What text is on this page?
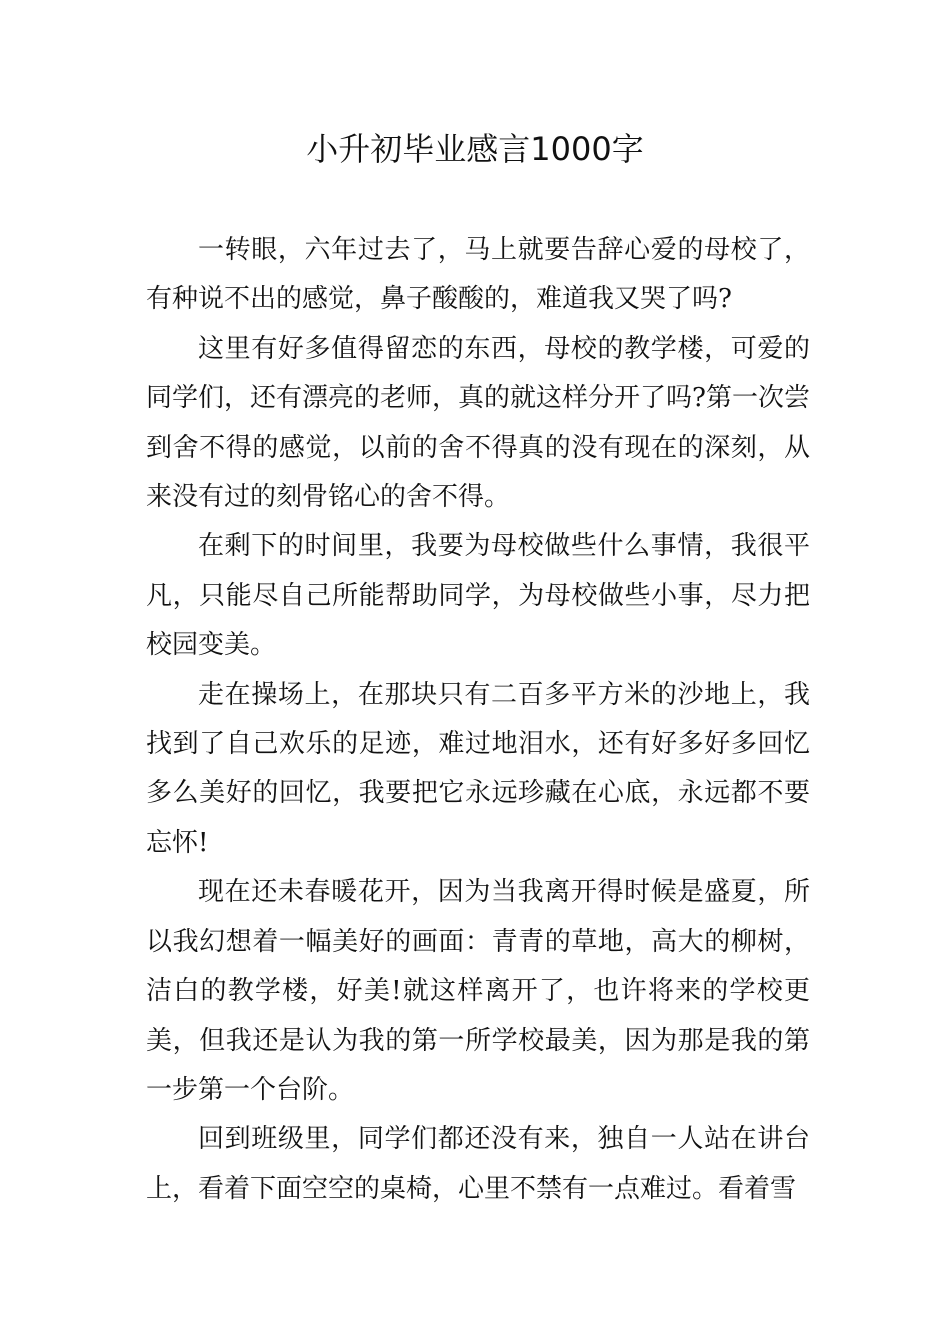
小升初毕业感言1000字

一转眼，六年过去了，马上就要告辞心爱的母校了，有种说不出的感觉，鼻子酸酸的，难道我又哭了吗?

这里有好多值得留恋的东西，母校的教学楼，可爱的同学们，还有漂亮的老师，真的就这样分开了吗?第一次尝到舍不得的感觉，以前的舍不得真的没有现在的深刻，从来没有过的刻骨铭心的舍不得。

在剩下的时间里，我要为母校做些什么事情，我很平凡，只能尽自己所能帮助同学，为母校做些小事，尽力把校园变美。

走在操场上，在那块只有二百多平方米的沙地上，我找到了自己欢乐的足迹，难过地泪水，还有好多好多回忆多么美好的回忆，我要把它永远珍藏在心底，永远都不要忘怀!

现在还未春暖花开，因为当我离开得时候是盛夏，所以我幻想着一幅美好的画面：青青的草地，高大的柳树，洁白的教学楼，好美!就这样离开了，也许将来的学校更美，但我还是认为我的第一所学校最美，因为那是我的第一步第一个台阶。

回到班级里，同学们都还没有来，独自一人站在讲台上，看着下面空空的桌椅，心里不禁有一点难过。看着雪
